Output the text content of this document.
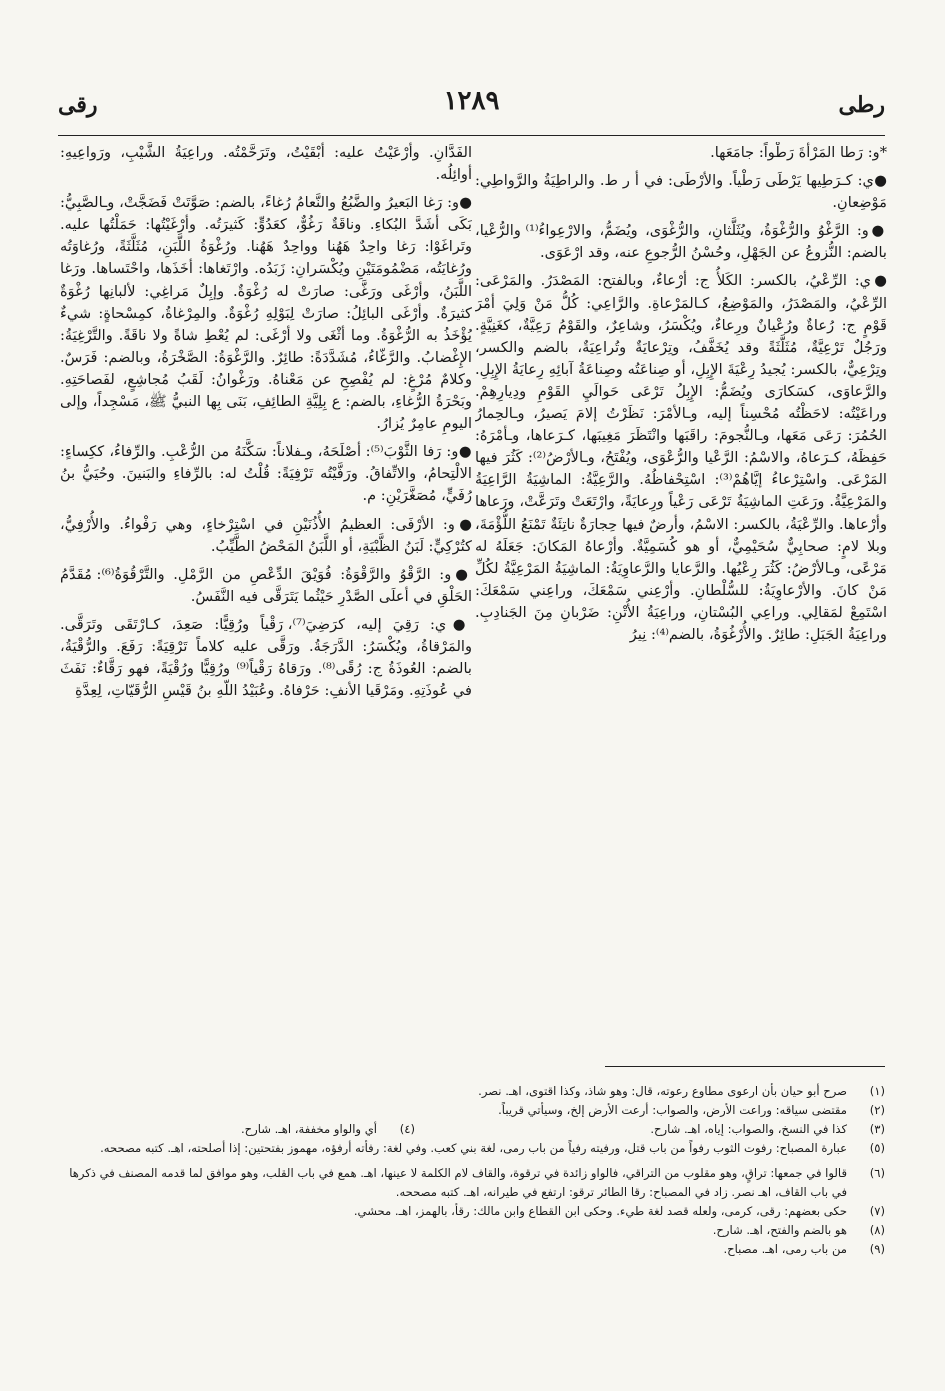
رطى
١٢٨٩
رقى

*و: رَطا المَرْأةَ رَطْواً: جامَعَها.

●ي: كـرَطِيها يَرْطَى رَطْياً. والأرْطَى: في أ ر ط. والراطِيَةُ والرَّواطِي: مَوْضِعانِ.

●و: الرَّغْوُ والرُّغْوَةُ، ويُثَلَّثانِ، والرُّغْوَى، ويُضَمُّ، والارْعِواءُ⁽¹⁾ والرُّعْيا، بالضم: النُّزوعُ عن الجَهْلِ، وحُسْنُ الرُّجوعِ عنه، وقد ارْعَوَى.

●ي: الرِّعْيُ، بالكسر: الكَلأُ ج: أرْعاءٌ، وبالفتح: المَصْدَرُ. والمَرْعَى: الرِّعْيُ، والمَصْدَرُ، والمَوْضِعُ، كـالمَرْعاةِ. والرَّاعِي: كُلُّ مَنْ وَلِيَ أمْرَ قَوْمٍ ج: رُعاةٌ ورُعْيانٌ ورِعاءٌ، ويُكْسَرُ، وشاعِرٌ، والقَوْمُ رَعِيَّةٌ، كغَنِيَّةٍ. ورَجُلٌ تَرْعِيَّةٌ، مُثَلَّثَةً وقد يُخَفَّفُ، وتِرْعايَةٌ وتُراعِيَةٌ، بالضم والكسر، وتِرْعِيٌّ، بالكسر: يُجيدُ رِعْيَةَ الإِبِلِ، أو صِناعَتُه وصِناعَةُ آبائِهِ رِعايَةُ الإِبِلِ. والرَّعاوَى، كسَكارَى ويُضَمُّ: الإِبِلُ تَرْعَى حَوالَيِ القَوْمِ ودِيارِهِمْ. وراعَيْتُه: لاحَظْتُه مُحْسِناً إليه، وـالأمْرَ: نَظَرْتُ إلامَ يَصيرُ، وـالحِمارُ الحُمُرَ: رَعَى مَعَها، وـالنُّجومَ: راقَبَها وانْتَظَرَ مَغِيبَها، كـرَعاها، وـأمْرَهُ: حَفِظَهُ، كـرَعاهُ، والاسْمُ: الرَّعْيا والرُّعْوَى، ويُفْتَحُ، وـالأرْضُ⁽²⁾: كَثُرَ فيها المَرْعَى. واسْتِرْعاءُ إيَّاهُمْ⁽³⁾: اسْتِحْفاظُهُ. والرَّعِيَّةُ: الماشِيَةُ الرَّاعِيَةُ والمَرْعِيَّةُ. ورَعَتِ الماشِيَةُ تَرْعَى رَعْياً ورِعايَةً، وارْتَعَتْ وتَرَعَّتْ، ورَعاها وأرْعاها. والرِّعْيَةُ، بالكسر: الاسْمُ، وأرضٌ فيها حِجارَةٌ ناتِئَةٌ تَمْنَعُ اللُّؤْمَةَ، وبلا لامٍ: صحابِيٌّ سُحَيْمِيٌّ، أو هو كُسَمِيَّةٌ. وأرْعاهُ المَكانَ: جَعَلَهُ له مَرْعًى، وـالأرْضُ: كَثُرَ رِعْيُها. والرَّعايا والرَّعاوِيَةُ: الماشِيَةُ المَرْعِيَّةُ لكُلِّ مَنْ كانَ. والأرْعاوِيَةُ: للسُّلْطانِ. وأرْعِني سَمْعَكَ، وراعِني سَمْعَكَ: اسْتَمِعْ لمَقالِي. وراعِي البُسْتانِ، وراعِيَةُ الأُتْنِ: ضَرْبانِ مِنَ الجَنادِبِ. وراعِيَةُ الجَبَلِ: طائِرٌ. والأُرْغُوَةُ، بالضم⁽⁴⁾: نِيرُ

الفَدَّانِ. وأرْعَيْتُ عليه: أبْقَيْتُ، وتَرَحَّمْتُه. وراعِيَةُ الشَّيْبِ، ورَواعِيهِ: أوائِلُه.

●و: رَغا البَعيرُ والضَّبُعُ والنَّعامُ رُغاءً، بالضم: صَوَّتَتْ فَضَجَّتْ، وـالصَّبِيُّ: بَكَى أشَدَّ البُكاءِ. وناقَةٌ رَغُوٌّ، كعَدُوٍّ: كَثيرَتُه. وأرْغَيْتُها: حَمَلْتُها عليه. وتَراغَوْا: رَغا واحِدٌ هَهُنا وواحِدٌ هَهُنا. ورُغْوَةُ اللَّبَنِ، مُثَلَّثَةً، ورُغاوَتُه ورُغايَتُه، مَضْمُومَتَيْنِ ويُكْسَرانِ: زَبَدُه. وارْتَغاها: أخَذَها، واحْتَساها. ورَغا اللَّبَنُ، وأرْغَى ورَغَّى: صارَتْ له رُغْوَةٌ. وإبِلٌ مَراغِي: لألبانِها رُغْوَةٌ كثيرَةٌ. وأرْغَى البائِلُ: صارَتْ لِبَوْلِهِ رُغْوَةٌ. والمِرْغاةُ، كمِسْحاةٍ: شيءٌ يُؤْخَذُ به الرُّغْوَةُ. وما أثْغَى ولا أرْغَى: لم يُعْطِ شاةً ولا ناقَةً. والتَّرْغِيَةُ: الإِغْضابُ. والرَّغّاءُ، مُشَدَّدَةً: طائِرٌ. والرَّغْوَةُ: الصَّخْرَةُ، وبالضم: فَرَسٌ. وكلامٌ مُرْغٍ: لم يُفْصِحِ عن مَعْناهُ. ورَغْوانُ: لَقَبُ مُجاشِعٍ، لفَصاحَتِهِ. وبَحْرَةُ الرُّغاءِ، بالضم: ع بِلِيَّةِ الطائِفِ، بَنَى بِها النبيُّ ﷺ، مَسْجِداً، وإلى اليومِ عامِرٌ يُزارُ.

●و: رَفا الثَّوْبَ⁽⁵⁾: أصْلَحَهُ، وـفلاناً: سَكَّنَهُ من الرُّعْبِ. والرِّفاءُ، ككِساءٍ: الالْتِحامُ، والاتِّفاقُ. ورَفَّيْتُه تَرْفِيَةً: قُلْتُ له: بالرِّفاءِ والبَنينَ. وحُيَيُّ بنُ رُفَيٍّ، مُصَغَّرَيْنِ: م.

●و: الأرْفَى: العظيمُ الأُذُنَيْنِ في اسْتِرْخاءٍ، وهي رَفْواءُ. والأُرْفِيُّ، كتُرْكِيٍّ: لَبَنُ الظَّبْيَةِ، أو اللَّبَنُ المَحْضُ الطَّيِّبُ.

●و: الرَّقْوُ والرَّقْوَةُ: فُوَيْقَ الدِّعْصِ من الرَّمْلِ. والتَّرْقُوَةُ⁽⁶⁾: مُقَدَّمُ الحَلْقِ في أعلَى الصَّدْرِ حَيْثُما يَتَرَقَّى فيه النَّفَسُ.

●ي: رَقِيَ إليه، كرَضِيَ⁽⁷⁾، رَقْياً ورُقِيًّا: صَعِدَ، كـارْتَقَى وتَرَقَّى. والمَرْقاةُ، ويُكْسَرُ: الدَّرَجَةُ. ورَقَّى عليه كلاماً تَرْقِيَةً: رَفَعَ. والرُّقْيَةُ، بالضم: العُوذَةُ ج: رُقًى⁽⁸⁾. ورَقاهُ رَقْياً⁽⁹⁾ ورُقِيًّا ورُقْيَةً، فهو رَقَّاءٌ: نَفَثَ في عُوذَتِهِ. ومَرْقَيا الأنفِ: حَرْفاهُ. وعُبَيْدُ اللّهِ بنُ قَيْسِ الرُّقَيّاتِ، لِعِدَّةِ

(١)
صرح أبو حيان بأن ارعوى مطاوع رعوته، قال: وهو شاذ، وكذا اقتوى، اهـ. نصر.
(٢)
مقتضى سياقه: وراعت الأرض، والصواب: أرعت الأرض إلخ، وسيأتي قريباً.
(٣)
كذا في النسخ، والصواب: إياه، اهـ. شارح.
(٤)
أي والواو مخففة، اهـ. شارح.
(٥)
عبارة المصباح: رفوت الثوب رفواً من باب قتل، ورفيته رفياً من باب رمى، لغة بني كعب. وفي لغة: رفأته أرفؤه، مهموز بفتحتين: إذا أصلحته، اهـ. كتبه مصححه.
(٦)
قالوا في جمعها: تراقٍ، وهو مقلوب من التراقي، فالواو زائدة في ترقوة، والقاف لام الكلمة لا عينها، اهـ. همع في باب القلب، وهو موافق لما قدمه المصنف في ذكرها في باب القاف، اهـ نصر. زاد في المصباح: رقا الطائر ترقو: ارتفع في طيرانه، اهـ. كتبه مصححه.
(٧)
حكى بعضهم: رقى، كرمى، ولعله قصد لغة طيء. وحكى ابن القطاع وابن مالك: رقأ، بالهمز، اهـ. محشي.
(٨)
هو بالضم والفتح، اهـ. شارح.
(٩)
من باب رمى، اهـ. مصباح.
